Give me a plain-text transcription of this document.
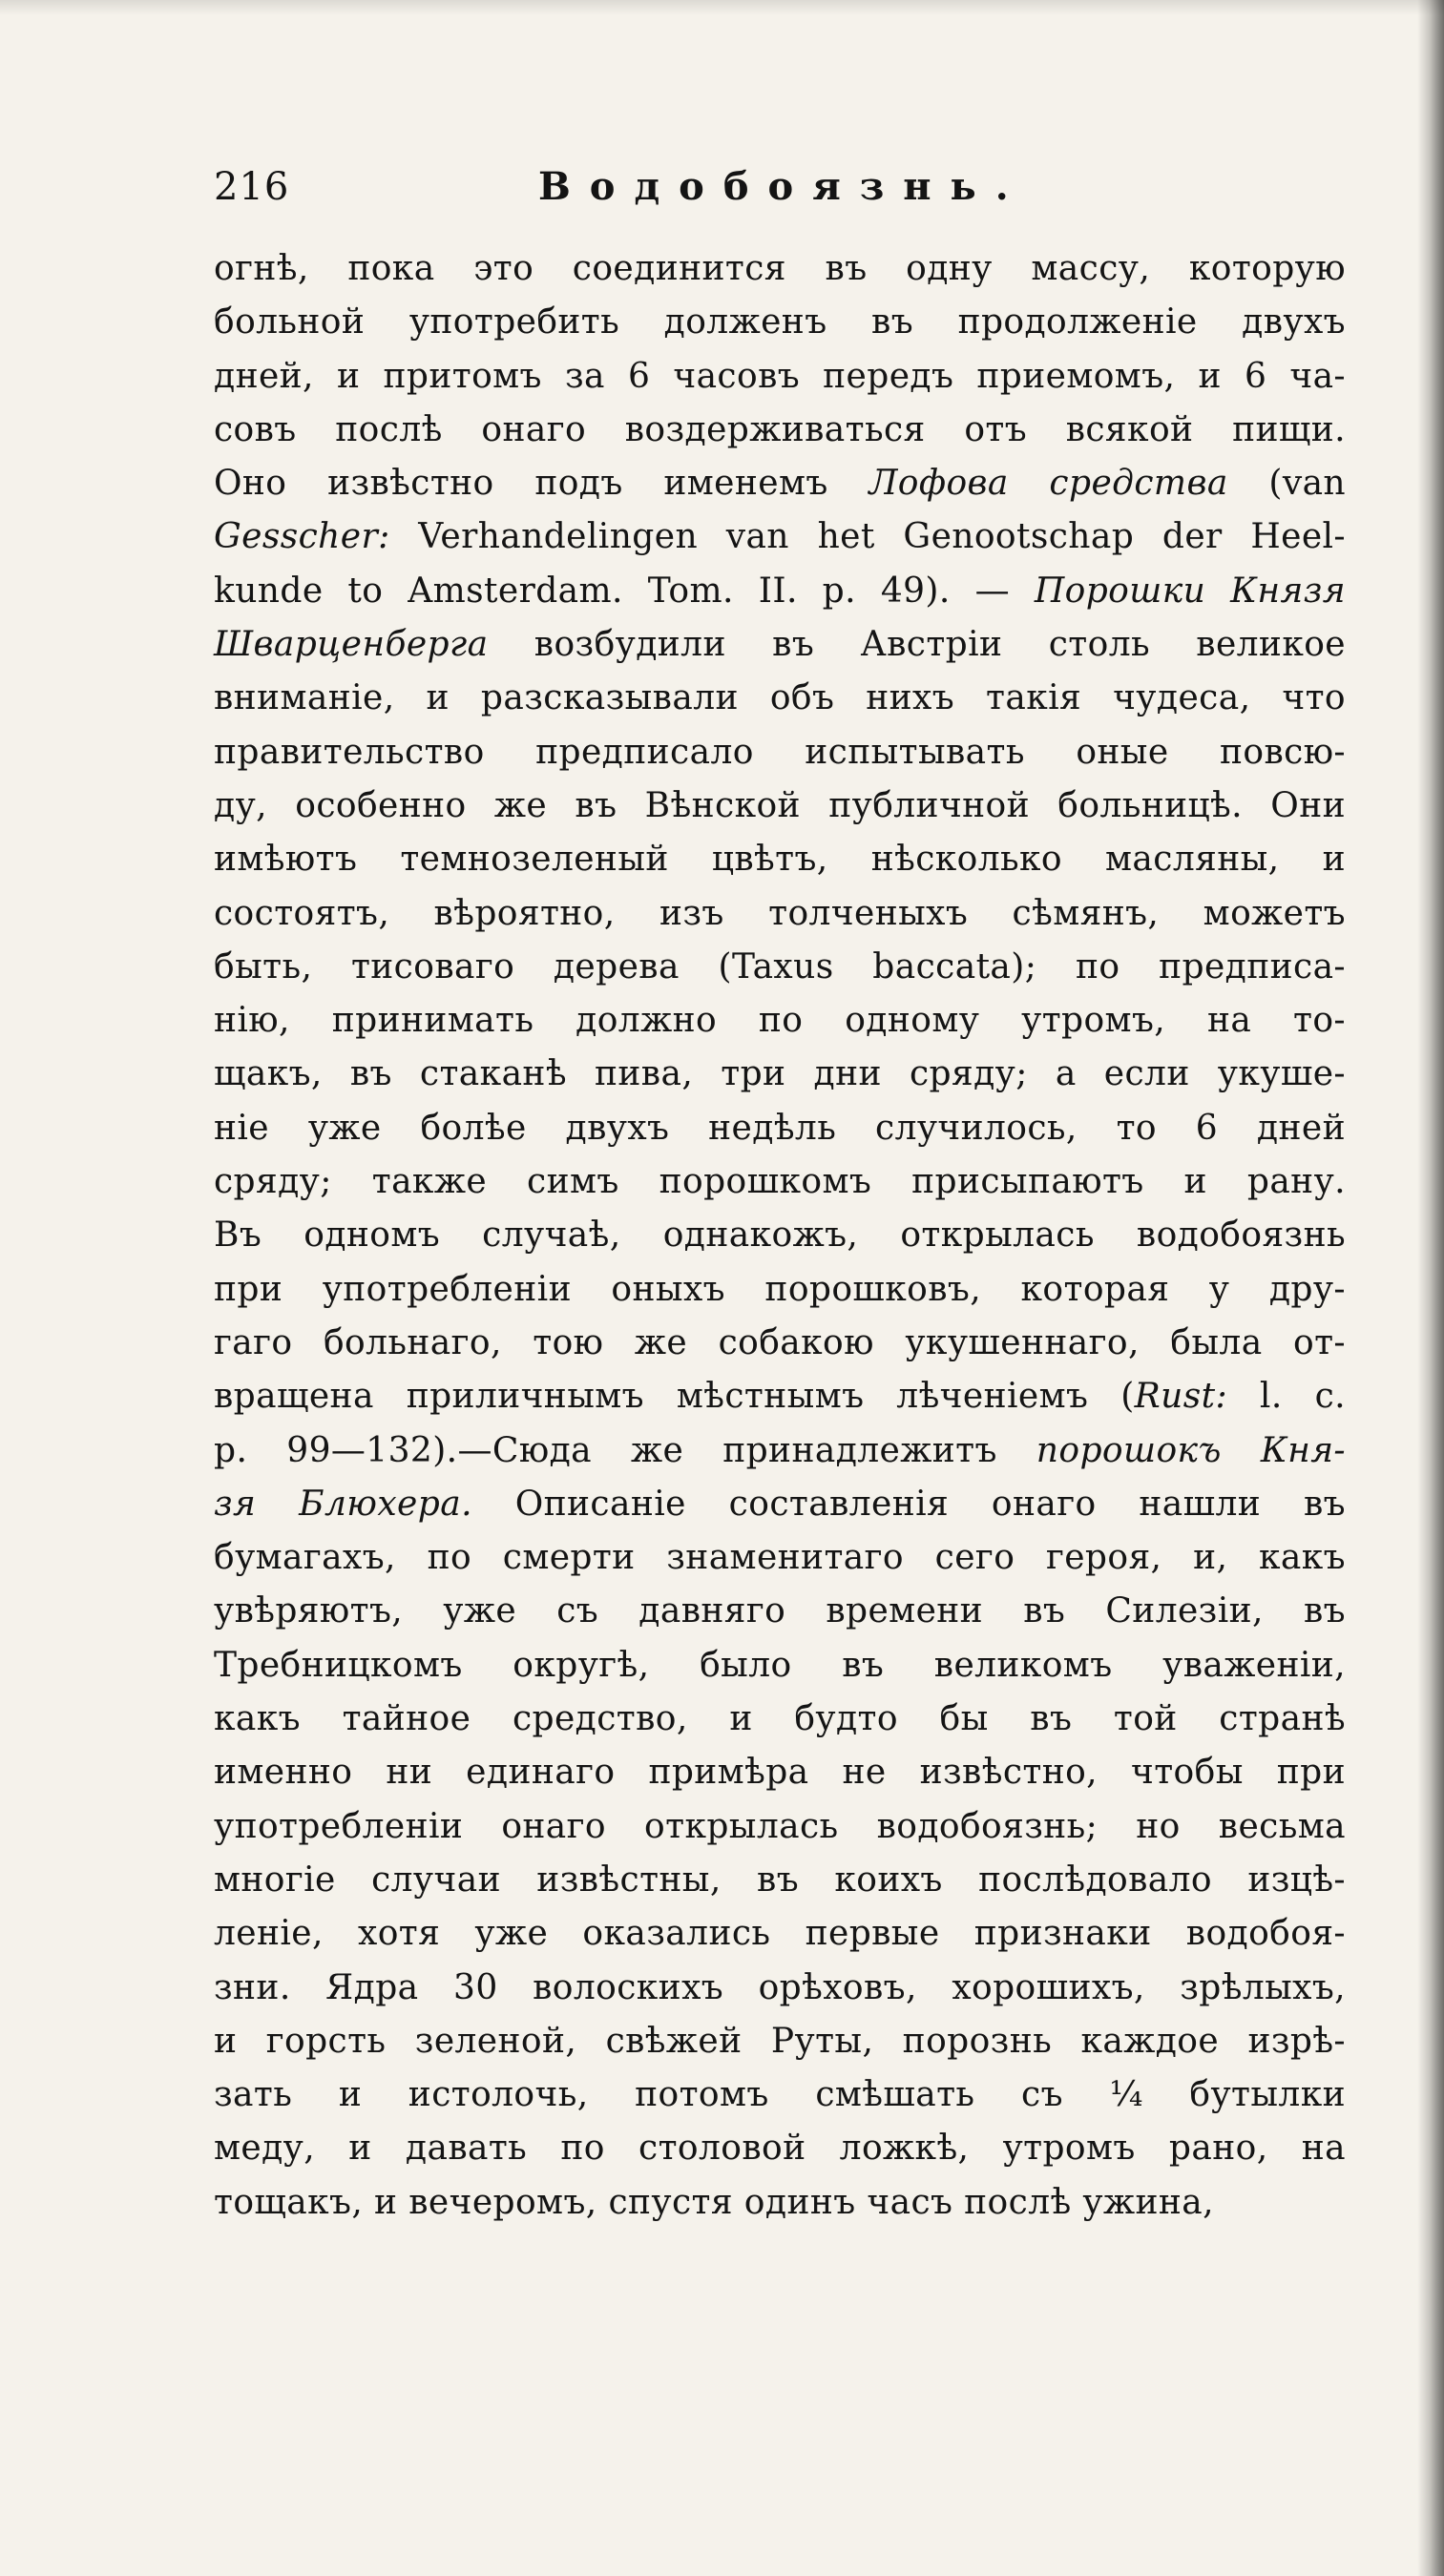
216	Водобоязнь.
огнѣ, пока это соединится въ одну массу, которую
больной употребить долженъ въ продолженіе двухъ
дней, и притомъ за 6 часовъ передъ приемомъ, и 6 ча-
совъ послѣ онаго воздерживаться отъ всякой пищи.
Оно извѣстно подъ именемъ Лофова средства (van
Gesscher: Verhandelingen van het Genootschap der Heel-
kunde to Amsterdam. Tom. II. p. 49). — Порошки Князя
Шварценберга возбудили въ Австріи столь великое
вниманіе, и разсказывали объ нихъ такія чудеса, что
правительство предписало испытывать оные повсю-
ду, особенно же въ Вѣнской публичной больницѣ. Они
имѣютъ темнозеленый цвѣтъ, нѣсколько масляны, и
состоятъ, вѣроятно, изъ толченыхъ сѣмянъ, можетъ
быть, тисоваго дерева (Taxus baccata); по предписа-
нію, принимать должно по одному утромъ, на то-
щакъ, въ стаканѣ пива, три дни сряду; а если укуше-
ніе уже болѣе двухъ недѣль случилось, то 6 дней
сряду; также симъ порошкомъ присыпаютъ и рану.
Въ одномъ случаѣ, однакожъ, открылась водобоязнь
при употребленіи оныхъ порошковъ, которая у дру-
гаго больнаго, тою же собакою укушеннаго, была от-
вращена приличнымъ мѣстнымъ лѣченіемъ (Rust: l. c.
p. 99—132).—Сюда же принадлежитъ порошокъ Кня-
зя Блюхера. Описаніе составленія онаго нашли въ
бумагахъ, по смерти знаменитаго сего героя, и, какъ
увѣряютъ, уже съ давняго времени въ Силезіи, въ
Требницкомъ округѣ, было въ великомъ уваженіи,
какъ тайное средство, и будто бы въ той странѣ
именно ни единаго примѣра не извѣстно, чтобы при
употребленіи онаго открылась водобоязнь; но весьма
многіе случаи извѣстны, въ коихъ послѣдовало изцѣ-
леніе, хотя уже оказались первые признаки водобоя-
зни. Ядра 30 волоскихъ орѣховъ, хорошихъ, зрѣлыхъ,
и горсть зеленой, свѣжей Руты, порознь каждое изрѣ-
зать и истолочь, потомъ смѣшать съ ¼ бутылки
меду, и давать по столовой ложкѣ, утромъ рано, на
тощакъ, и вечеромъ, спустя одинъ часъ послѣ ужина,
